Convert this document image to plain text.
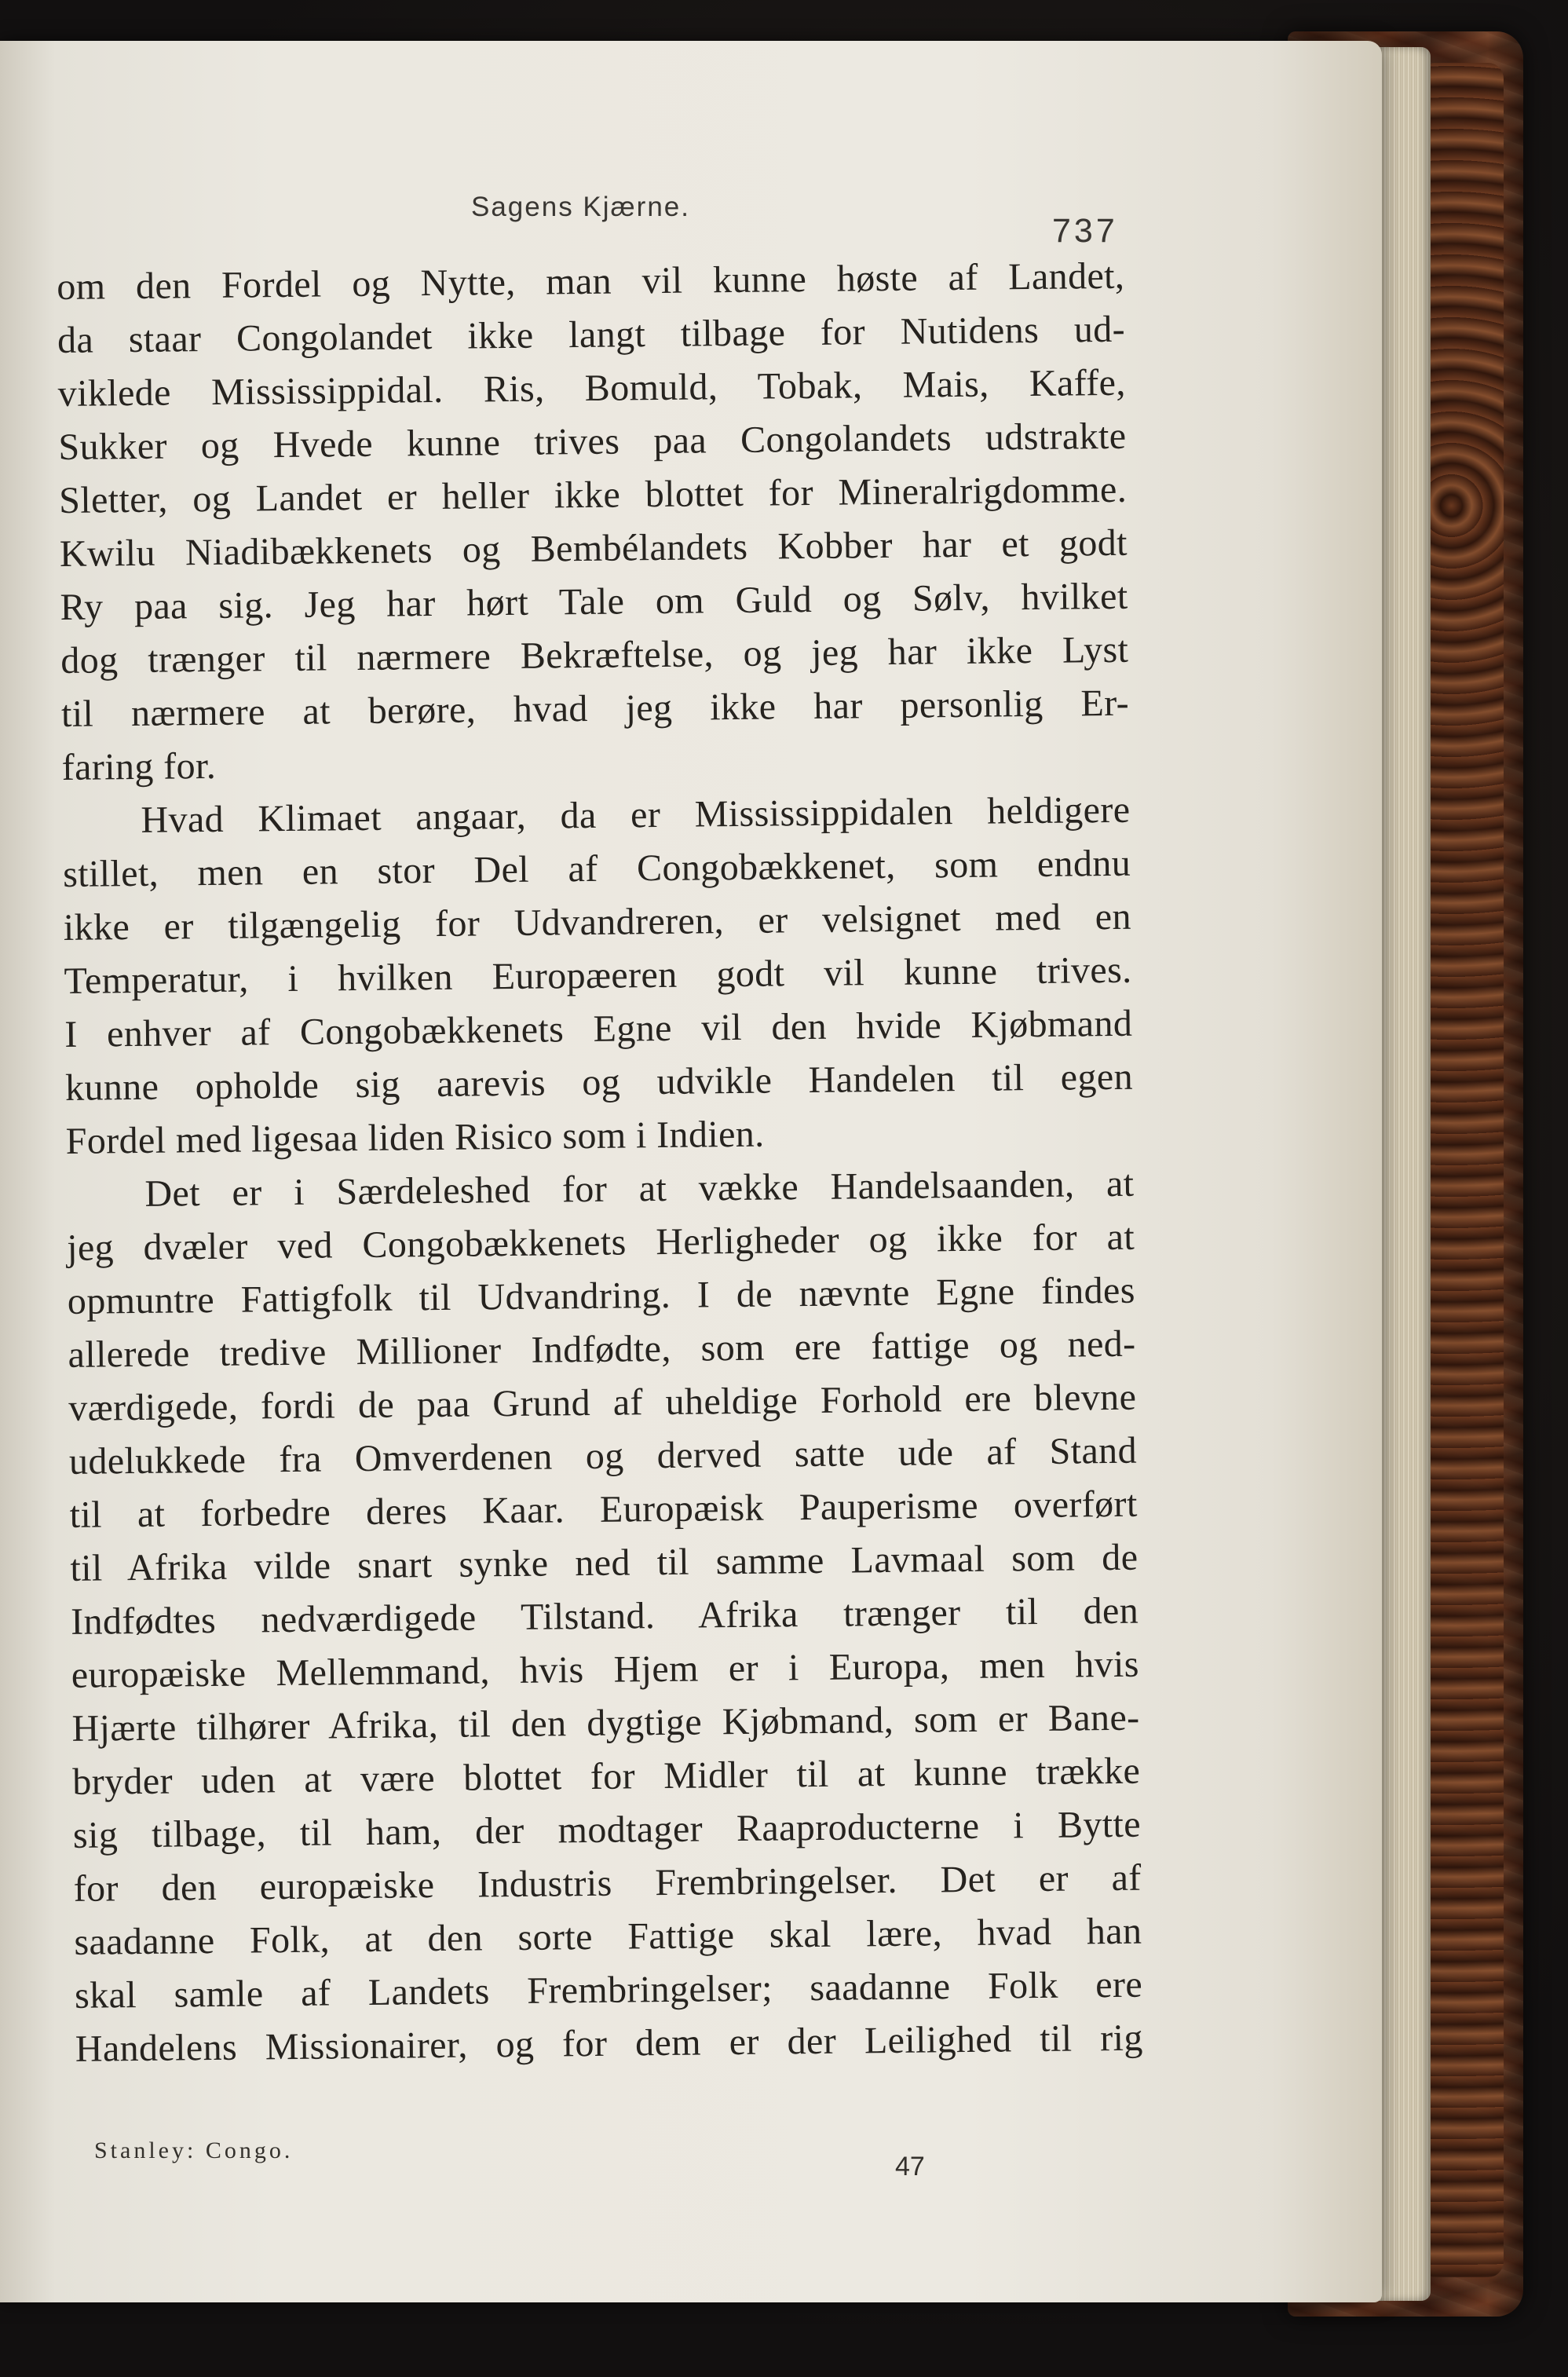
Sagens Kjærne.
737
om den Fordel og Nytte, man vil kunne høste af Landet,
da staar Congolandet ikke langt tilbage for Nutidens ud-
viklede Mississippidal. Ris, Bomuld, Tobak, Mais, Kaffe,
Sukker og Hvede kunne trives paa Congolandets udstrakte
Sletter, og Landet er heller ikke blottet for Mineralrigdomme.
Kwilu Niadibækkenets og Bembélandets Kobber har et godt
Ry paa sig. Jeg har hørt Tale om Guld og Sølv, hvilket
dog trænger til nærmere Bekræftelse, og jeg har ikke Lyst
til nærmere at berøre, hvad jeg ikke har personlig Er-
faring for.
Hvad Klimaet angaar, da er Mississippidalen heldigere
stillet, men en stor Del af Congobækkenet, som endnu
ikke er tilgængelig for Udvandreren, er velsignet med en
Temperatur, i hvilken Europæeren godt vil kunne trives.
I enhver af Congobækkenets Egne vil den hvide Kjøbmand
kunne opholde sig aarevis og udvikle Handelen til egen
Fordel med ligesaa liden Risico som i Indien.
Det er i Særdeleshed for at vække Handelsaanden, at
jeg dvæler ved Congobækkenets Herligheder og ikke for at
opmuntre Fattigfolk til Udvandring. I de nævnte Egne findes
allerede tredive Millioner Indfødte, som ere fattige og ned-
værdigede, fordi de paa Grund af uheldige Forhold ere blevne
udelukkede fra Omverdenen og derved satte ude af Stand
til at forbedre deres Kaar. Europæisk Pauperisme overført
til Afrika vilde snart synke ned til samme Lavmaal som de
Indfødtes nedværdigede Tilstand. Afrika trænger til den
europæiske Mellemmand, hvis Hjem er i Europa, men hvis
Hjærte tilhører Afrika, til den dygtige Kjøbmand, som er Bane-
bryder uden at være blottet for Midler til at kunne trække
sig tilbage, til ham, der modtager Raaproducterne i Bytte
for den europæiske Industris Frembringelser. Det er af
saadanne Folk, at den sorte Fattige skal lære, hvad han
skal samle af Landets Frembringelser; saadanne Folk ere
Handelens Missionairer, og for dem er der Leilighed til rig
Stanley: Congo.
47
